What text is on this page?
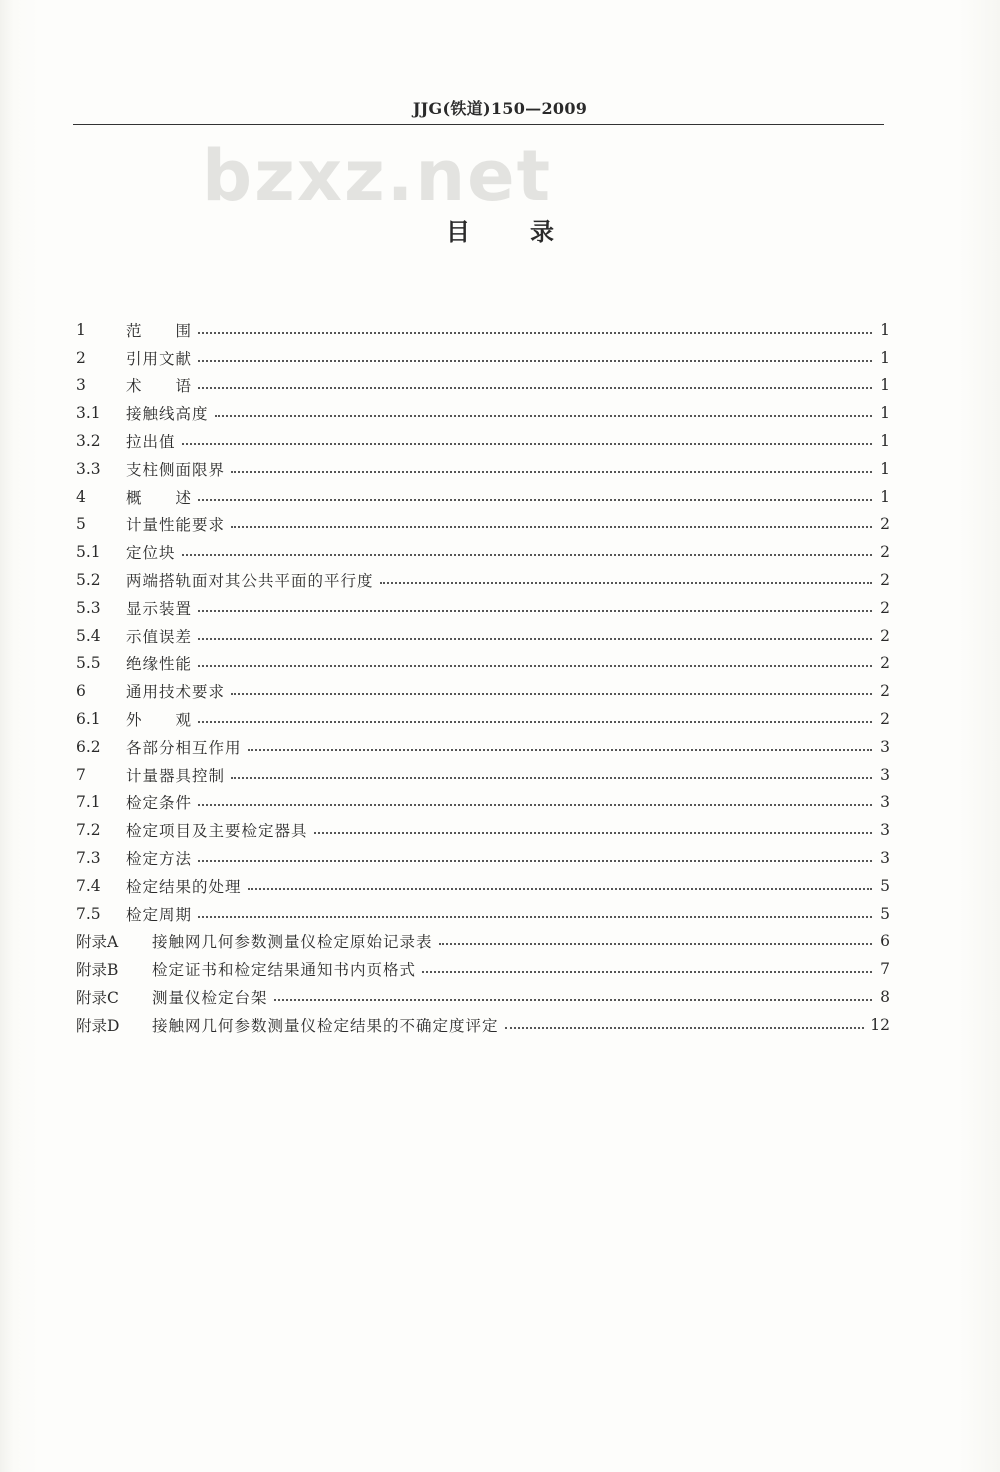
JJG(铁道)150—2009
bzxz.net
目录
1	范　　围	1
2	引用文献	1
3	术　　语	1
3.1	接触线高度	1
3.2	拉出值	1
3.3	支柱侧面限界	1
4	概　　述	1
5	计量性能要求	2
5.1	定位块	2
5.2	两端搭轨面对其公共平面的平行度	2
5.3	显示装置	2
5.4	示值误差	2
5.5	绝缘性能	2
6	通用技术要求	2
6.1	外　　观	2
6.2	各部分相互作用	3
7	计量器具控制	3
7.1	检定条件	3
7.2	检定项目及主要检定器具	3
7.3	检定方法	3
7.4	检定结果的处理	5
7.5	检定周期	5
附录A	接触网几何参数测量仪检定原始记录表	6
附录B	检定证书和检定结果通知书内页格式	7
附录C	测量仪检定台架	8
附录D	接触网几何参数测量仪检定结果的不确定度评定	12
